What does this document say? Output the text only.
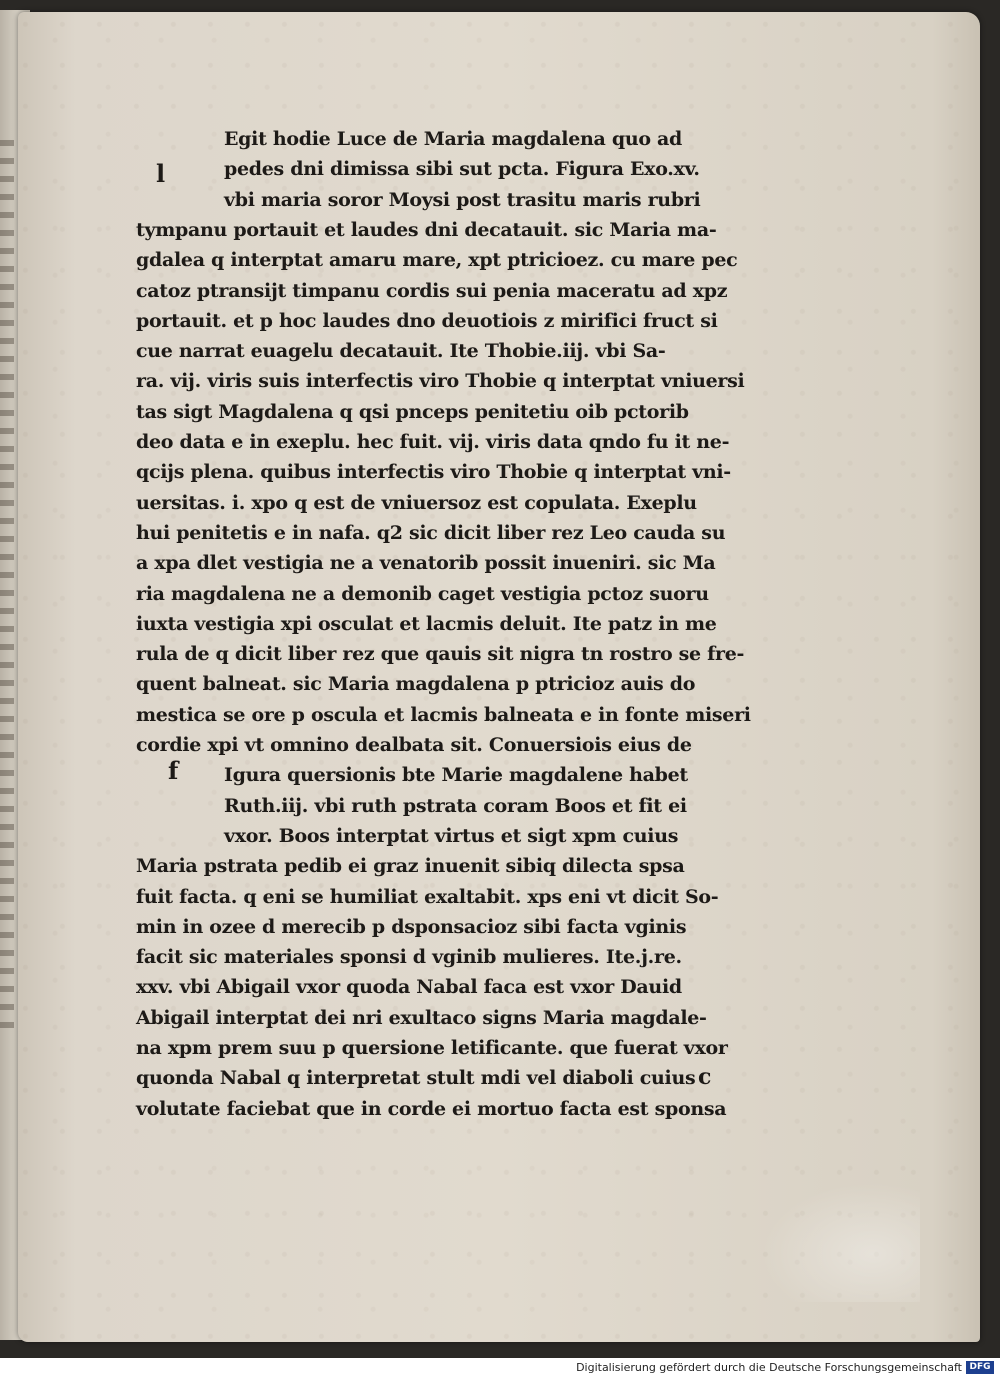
Egit hodie Luce de Maria magdalena quo ad
pedes dni dimissa sibi sut pcta. Figura Exo.xv.
vbi maria soror Moysi post trasitu maris rubri
tympanu portauit et laudes dni decatauit. sic Maria ma-
gdalea q interptat amaru mare, xpt ptricioez. cu mare pec
catoz ptransijt timpanu cordis sui penia maceratu ad xpz
portauit. et p hoc laudes dno deuotiois z mirifici fruct si
cue narrat euagelu decatauit. Ite Thobie.iij. vbi Sa-
ra. vij. viris suis interfectis viro Thobie q interptat vniuersi
tas sigt Magdalena q qsi pnceps penitetiu oib pctorib
deo data e in exeplu. hec fuit. vij. viris data qndo fu it ne-
qcijs plena. quibus interfectis viro Thobie q interptat vni-
uersitas. i. xpo q est de vniuersoz est copulata. Exeplu
hui penitetis e in nafa. q2 sic dicit liber rez Leo cauda su
a xpa dlet vestigia ne a venatorib possit inueniri. sic Ma
ria magdalena ne a demonib caget vestigia pctoz suoru
iuxta vestigia xpi osculat et lacmis deluit. Ite patz in me
rula de q dicit liber rez que qauis sit nigra tn rostro se fre-
quent balneat. sic Maria magdalena p ptricioz auis do
mestica se ore p oscula et lacmis balneata e in fonte miseri
cordie xpi vt omnino dealbata sit. Conuersiois eius de
Igura quersionis bte Marie magdalene habet
Ruth.iij. vbi ruth pstrata coram Boos et fit ei
vxor. Boos interptat virtus et sigt xpm cuius
Maria pstrata pedib ei graz inuenit sibiq dilecta spsa
fuit facta. q eni se humiliat exaltabit. xps eni vt dicit So-
min in ozee d merecib p dsponsacioz sibi facta vginis
facit sic materiales sponsi d vginib mulieres. Ite.j.re.
xxv. vbi Abigail vxor quoda Nabal faca est vxor Dauid
Abigail interptat dei nri exultaco signs Maria magdale-
na xpm prem suu p quersione letificante. que fuerat vxor
quonda Nabal q interpretat stult mdi vel diaboli cuius
volutate faciebat que in corde ei mortuo facta est sponsa
l
f
c
Digitalisierung gefördert durch die Deutsche Forschungsgemeinschaft DFG
